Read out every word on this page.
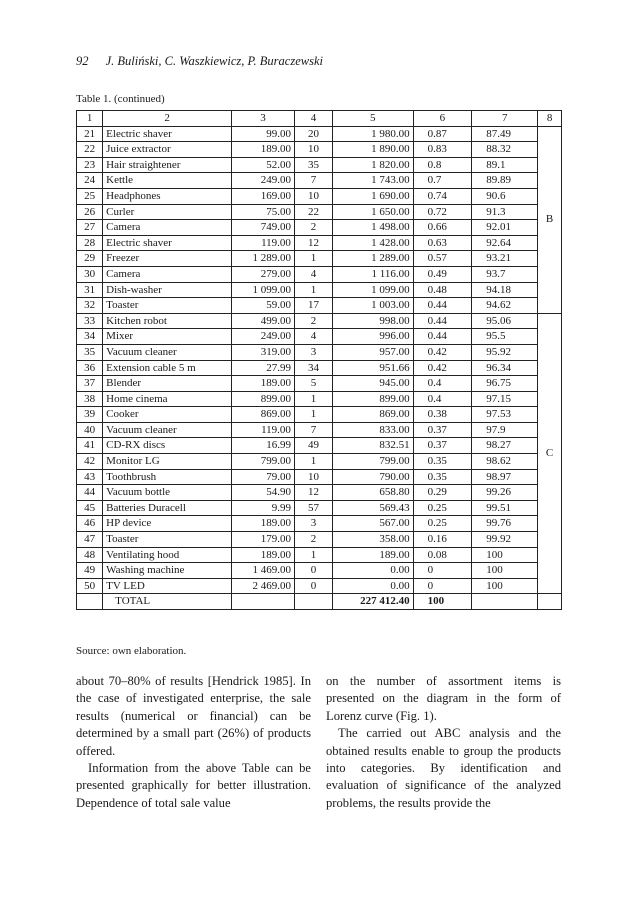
92 J. Buliński, C. Waszkiewicz, P. Buraczewski
Table 1. (continued)
1	2	3	4	5	6	7	8
21	Electric shaver	99.00	20	1 980.00	0.87	87.49	B
22	Juice extractor	189.00	10	1 890.00	0.83	88.32	
23	Hair straightener	52.00	35	1 820.00	0.8	89.1	
24	Kettle	249.00	7	1 743.00	0.7	89.89	
25	Headphones	169.00	10	1 690.00	0.74	90.6	
26	Curler	75.00	22	1 650.00	0.72	91.3	
27	Camera	749.00	2	1 498.00	0.66	92.01	
28	Electric shaver	119.00	12	1 428.00	0.63	92.64	
29	Freezer	1 289.00	1	1 289.00	0.57	93.21	
30	Camera	279.00	4	1 116.00	0.49	93.7	
31	Dish-washer	1 099.00	1	1 099.00	0.48	94.18	
32	Toaster	59.00	17	1 003.00	0.44	94.62	
33	Kitchen robot	499.00	2	998.00	0.44	95.06	C
34	Mixer	249.00	4	996.00	0.44	95.5	
35	Vacuum cleaner	319.00	3	957.00	0.42	95.92	
36	Extension cable 5 m	27.99	34	951.66	0.42	96.34	
37	Blender	189.00	5	945.00	0.4	96.75	
38	Home cinema	899.00	1	899.00	0.4	97.15	
39	Cooker	869.00	1	869.00	0.38	97.53	
40	Vacuum cleaner	119.00	7	833.00	0.37	97.9	
41	CD-RX discs	16.99	49	832.51	0.37	98.27	
42	Monitor LG	799.00	1	799.00	0.35	98.62	
43	Toothbrush	79.00	10	790.00	0.35	98.97	
44	Vacuum bottle	54.90	12	658.80	0.29	99.26	
45	Batteries Duracell	9.99	57	569.43	0.25	99.51	
46	HP device	189.00	3	567.00	0.25	99.76	
47	Toaster	179.00	2	358.00	0.16	99.92	
48	Ventilating hood	189.00	1	189.00	0.08	100	
49	Washing machine	1 469.00	0	0.00	0	100	
50	TV LED	2 469.00	0	0.00	0	100	
	TOTAL			227 412.40	100		
Source: own elaboration.

about 70–80% of results [Hendrick 1985]. In the case of investigated enterprise, the sale results (numerical or financial) can be determined by a small part (26%) of products offered.

Information from the above Table can be presented graphically for better illustration. Dependence of total sale value

on the number of assortment items is presented on the diagram in the form of Lorenz curve (Fig. 1).

The carried out ABC analysis and the obtained results enable to group the products into categories. By identification and evaluation of significance of the analyzed problems, the results provide the
